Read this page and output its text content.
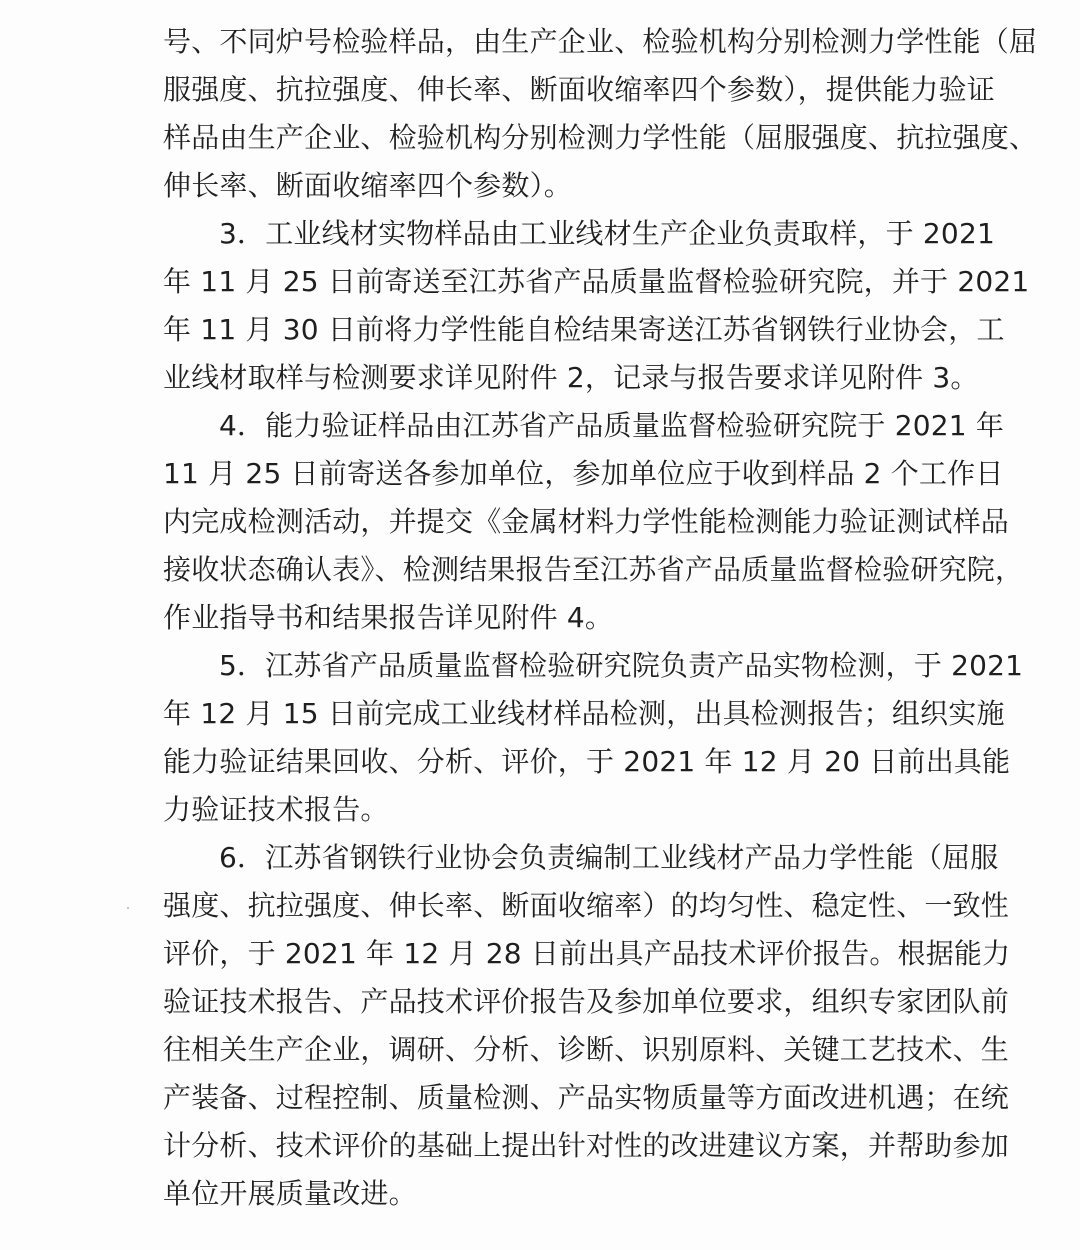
号、不同炉号检验样品，由生产企业、检验机构分别检测力学性能（屈
服强度、抗拉强度、伸长率、断面收缩率四个参数），提供能力验证
样品由生产企业、检验机构分别检测力学性能（屈服强度、抗拉强度、
伸长率、断面收缩率四个参数）。
3．工业线材实物样品由工业线材生产企业负责取样，于 2021
年 11 月 25 日前寄送至江苏省产品质量监督检验研究院，并于 2021
年 11 月 30 日前将力学性能自检结果寄送江苏省钢铁行业协会，工
业线材取样与检测要求详见附件 2，记录与报告要求详见附件 3。
4．能力验证样品由江苏省产品质量监督检验研究院于 2021 年
11 月 25 日前寄送各参加单位，参加单位应于收到样品 2 个工作日
内完成检测活动，并提交《金属材料力学性能检测能力验证测试样品
接收状态确认表》、检测结果报告至江苏省产品质量监督检验研究院，
作业指导书和结果报告详见附件 4。
5．江苏省产品质量监督检验研究院负责产品实物检测，于 2021
年 12 月 15 日前完成工业线材样品检测，出具检测报告；组织实施
能力验证结果回收、分析、评价，于 2021 年 12 月 20 日前出具能
力验证技术报告。
6．江苏省钢铁行业协会负责编制工业线材产品力学性能（屈服
强度、抗拉强度、伸长率、断面收缩率）的均匀性、稳定性、一致性
评价，于 2021 年 12 月 28 日前出具产品技术评价报告。根据能力
验证技术报告、产品技术评价报告及参加单位要求，组织专家团队前
往相关生产企业，调研、分析、诊断、识别原料、关键工艺技术、生
产装备、过程控制、质量检测、产品实物质量等方面改进机遇；在统
计分析、技术评价的基础上提出针对性的改进建议方案，并帮助参加
单位开展质量改进。
